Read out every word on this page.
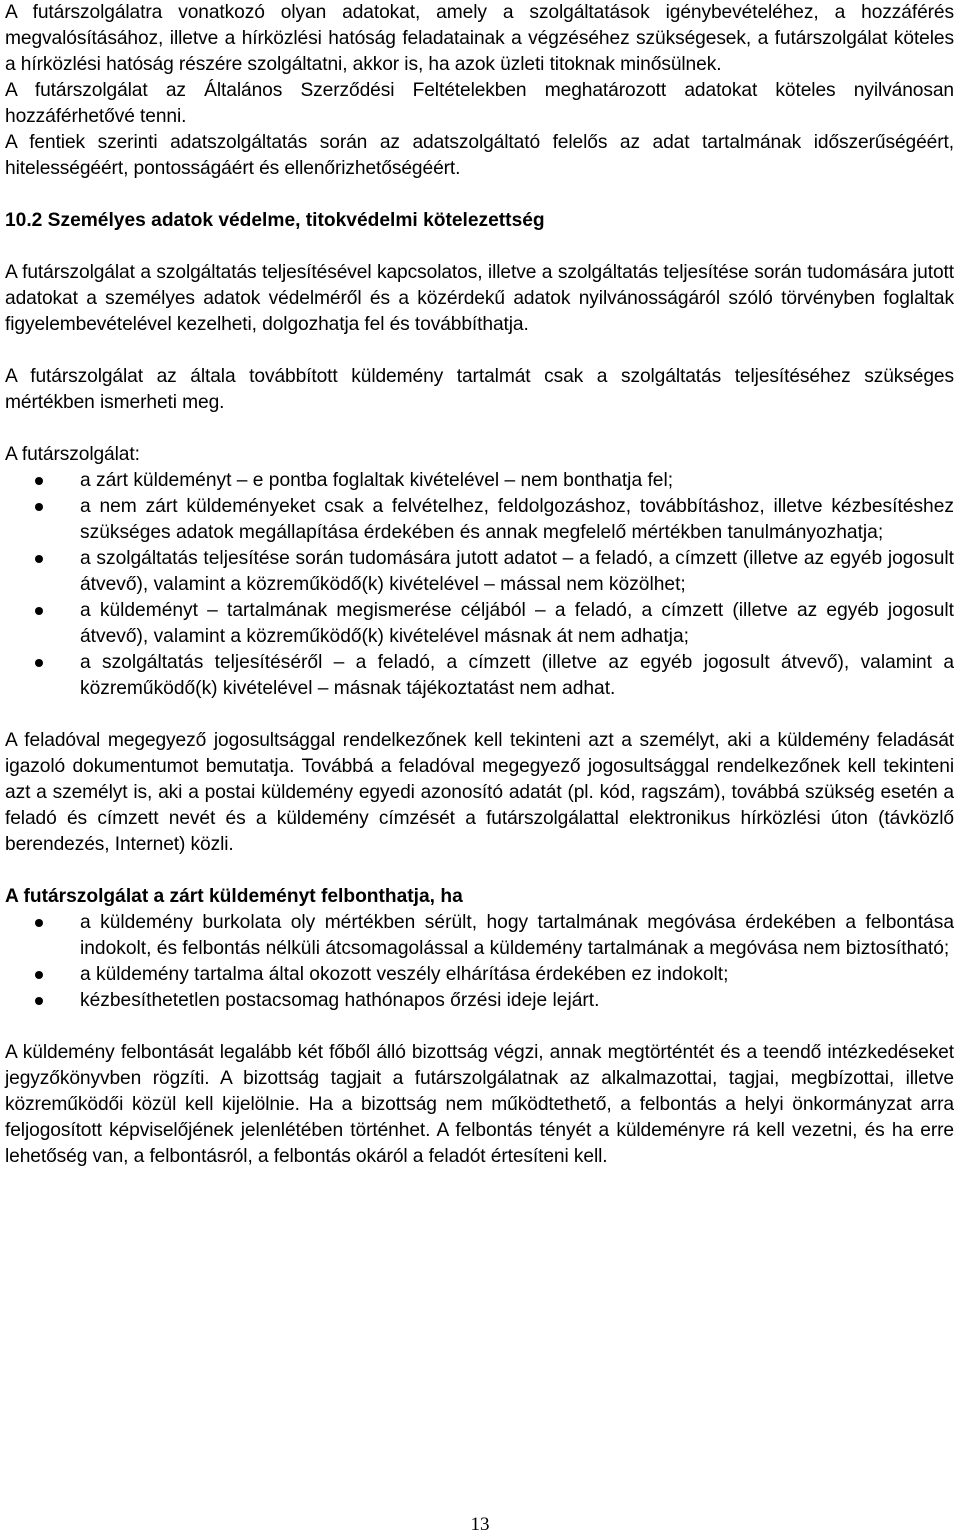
A futárszolgálatra vonatkozó olyan adatokat, amely a szolgáltatások igénybevételéhez, a hozzáférés megvalósításához, illetve a hírközlési hatóság feladatainak a végzéséhez szükségesek, a futárszolgálat köteles a hírközlési hatóság részére szolgáltatni, akkor is, ha azok üzleti titoknak minősülnek.

A futárszolgálat az Általános Szerződési Feltételekben meghatározott adatokat köteles nyilvánosan hozzáférhetővé tenni.

A fentiek szerinti adatszolgáltatás során az adatszolgáltató felelős az adat tartalmának időszerűségéért, hitelességéért, pontosságáért és ellenőrizhetőségéért.

10.2 Személyes adatok védelme, titokvédelmi kötelezettség

A futárszolgálat a szolgáltatás teljesítésével kapcsolatos, illetve a szolgáltatás teljesítése során tudomására jutott adatokat a személyes adatok védelméről és a közérdekű adatok nyilvánosságáról szóló törvényben foglaltak figyelembevételével kezelheti, dolgozhatja fel és továbbíthatja.

A futárszolgálat az általa továbbított küldemény tartalmát csak a szolgáltatás teljesítéséhez szükséges mértékben ismerheti meg.

A futárszolgálat:

a zárt küldeményt – e pontba foglaltak kivételével – nem bonthatja fel;
a nem zárt küldeményeket csak a felvételhez, feldolgozáshoz, továbbításhoz, illetve kézbesítéshez szükséges adatok megállapítása érdekében és annak megfelelő mértékben tanulmányozhatja;
a szolgáltatás teljesítése során tudomására jutott adatot – a feladó, a címzett (illetve az egyéb jogosult átvevő), valamint a közreműködő(k) kivételével – mással nem közölhet;
a küldeményt – tartalmának megismerése céljából – a feladó, a címzett (illetve az egyéb jogosult átvevő), valamint a közreműködő(k) kivételével másnak át nem adhatja;
a szolgáltatás teljesítéséről – a feladó, a címzett (illetve az egyéb jogosult átvevő), valamint a közreműködő(k) kivételével – másnak tájékoztatást nem adhat.

A feladóval megegyező jogosultsággal rendelkezőnek kell tekinteni azt a személyt, aki a küldemény feladását igazoló dokumentumot bemutatja. Továbbá a feladóval megegyező jogosultsággal rendelkezőnek kell tekinteni azt a személyt is, aki a postai küldemény egyedi azonosító adatát (pl. kód, ragszám), továbbá szükség esetén a feladó és címzett nevét és a küldemény címzését a futárszolgálattal elektronikus hírközlési úton (távközlő berendezés, Internet) közli.

A futárszolgálat a zárt küldeményt felbonthatja, ha
a küldemény burkolata oly mértékben sérült, hogy tartalmának megóvása érdekében a felbontása indokolt, és felbontás nélküli átcsomagolással a küldemény tartalmának a megóvása nem biztosítható;
a küldemény tartalma által okozott veszély elhárítása érdekében ez indokolt;
kézbesíthetetlen postacsomag hathónapos őrzési ideje lejárt.

A küldemény felbontását legalább két főből álló bizottság végzi, annak megtörténtét és a teendő intézkedéseket jegyzőkönyvben rögzíti. A bizottság tagjait a futárszolgálatnak az alkalmazottai, tagjai, megbízottai, illetve közreműködői közül kell kijelölnie. Ha a bizottság nem működtethető, a felbontás a helyi önkormányzat arra feljogosított képviselőjének jelenlétében történhet. A felbontás tényét a küldeményre rá kell vezetni, és ha erre lehetőség van, a felbontásról, a felbontás okáról a feladót értesíteni kell.

13
